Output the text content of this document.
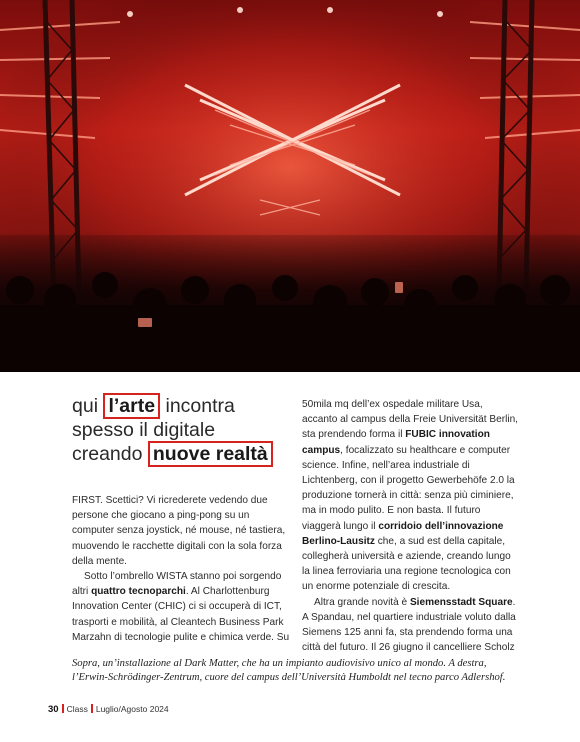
qui l’arte incontra
spesso il digitale
creando nuove realtà

FIRST. Scettici? Vi ricrederete vedendo due
persone che giocano a ping-pong su un
computer senza joystick, né mouse, né tastiera,
muovendo le racchette digitali con la sola forza
della mente.

Sotto l’ombrello WISTA stanno poi sorgendo
altri quattro tecnoparchi. Al Charlottenburg
Innovation Center (CHIC) ci si occuperà di ICT,
trasporti e mobilità, al Cleantech Business Park
Marzahn di tecnologie pulite e chimica verde. Su

50mila mq dell’ex ospedale militare Usa,
accanto al campus della Freie Universität Berlin,
sta prendendo forma il FUBIC innovation
campus, focalizzato su healthcare e computer
science. Infine, nell’area industriale di
Lichtenberg, con il progetto Gewerbehöfe 2.0 la
produzione tornerà in città: senza più ciminiere,
ma in modo pulito. E non basta. Il futuro
viaggerà lungo il corridoio dell’innovazione
Berlino-Lausitz che, a sud est della capitale,
collegherà università e aziende, creando lungo
la linea ferroviaria una regione tecnologica con
un enorme potenziale di crescita.

Altra grande novità è Siemensstadt Square.
A Spandau, nel quartiere industriale voluto dalla
Siemens 125 anni fa, sta prendendo forma una
città del futuro. Il 26 giugno il cancelliere Scholz

Sopra, un’installazione al Dark Matter, che ha un impianto audiovisivo unico al mondo. A destra,
l’Erwin-Schrödinger-Zentrum, cuore del campus dell’Università Humboldt nel tecno parco Adlershof.
30 Class Luglio/Agosto 2024
